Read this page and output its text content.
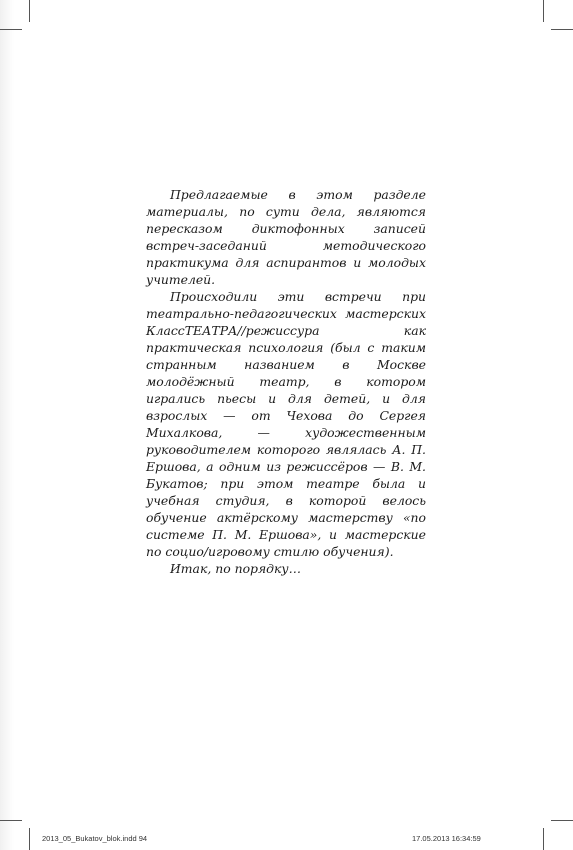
Предлагаемые в этом разделе материалы, по сути дела, являются пересказом диктофонных записей встреч-заседаний методического практикума для аспирантов и молодых учителей.

Происходили эти встречи при театрально-педагогических мастерских КлассТЕАТРА//режиссура как практическая психология (был с таким странным названием в Москве молодёжный театр, в котором игрались пьесы и для детей, и для взрослых — от Чехова до Сергея Михалкова, — художественным руководителем которого являлась А. П. Ершова, а одним из режиссёров — В. М. Букатов; при этом театре была и учебная студия, в которой велось обучение актёрскому мастерству «по системе П. М. Ершова», и мастерские по социо/игровому стилю обучения).

Итак, по порядку…

2013_05_Bukatov_blok.indd 94	17.05.2013 16:34:59
